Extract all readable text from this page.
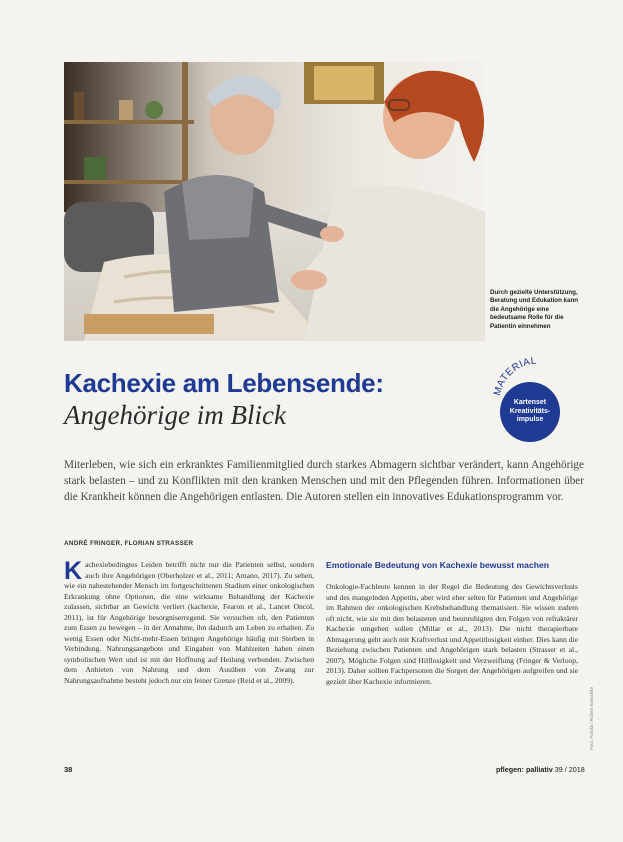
Durch gezielte Unterstützung, Beratung und Edukation kann die Angehörige eine bedeutsame Rolle für die Patientin einnehmen
Kachexie am Lebensende:
Angehörige im Blick
MATERIAL
Kartenset
Kreativitäts-
impulse
Miterleben, wie sich ein erkranktes Familienmitglied durch starkes Abmagern sichtbar verändert, kann Angehörige stark belasten – und zu Konflikten mit den kranken Menschen und mit den Pflegenden führen. Informationen über die Krankheit können die Angehörigen entlasten. Die Autoren stellen ein innovatives Edukationsprogramm vor.
ANDRÉ FRINGER, FLORIAN STRASSER

Kachexiebedingtes Leiden betrifft nicht nur die Patienten selbst, sondern auch ihre Angehörigen (Oberholzer et al., 2011; Amano, 2017). Zu sehen, wie ein nahestehender Mensch im fortgeschrittenen Stadium einer onkologischen Erkrankung ohne Optionen, die eine wirksame Behandlung der Kachexie zulassen, sichtbar an Gewicht verliert (kachexie, Fearon et al., Lancet Oncol, 2011), ist für Angehörige besorgniserregend. Sie versuchen oft, den Patienten zum Essen zu bewegen – in der Annahme, ihn dadurch am Leben zu erhalten. Zu wenig Essen oder Nicht-mehr-Essen bringen Angehörige häufig mit Sterben in Verbindung. Nahrungsangebote und Eingaben von Mahlzeiten haben einen symbolischen Wert und ist mit der Hoffnung auf Heilung verbunden. Zwischen dem Anbieten von Nahrung und dem Ausüben von Zwang zur Nahrungsaufnahme besteht jedoch nur ein feiner Grenze (Reid et al., 2009).

Emotionale Bedeutung von Kachexie bewusst machen

Onkologie-Fachleute kennen in der Regel die Bedeutung des Gewichtsverlusts und des mangelnden Appetits, aber wird eher selten für Patienten und Angehörige im Rahmen der onkologischen Krebsbehandlung thematisiert. Sie wissen zudem oft nicht, wie sie mit den belasteten und beunruhigten den Folgen von refraktärer Kachexie umgehen sollen (Millar et al., 2013). Die nicht therapierbare Abmagerung geht auch mit Kraftverlust und Appetitlosigkeit einher. Dies kann die Beziehung zwischen Patienten und Angehörigen stark belasten (Strasser et al., 2007). Mögliche Folgen sind Hilflosigkeit und Verzweiflung (Fringer & Verloop, 2013). Daher sollten Fachpersonen die Sorgen der Angehörigen aufgreifen und sie gezielt über Kachexie informieren.

Foto: Fotolia / Robert Kneschke
38	pflegen: palliativ 39 / 2018
